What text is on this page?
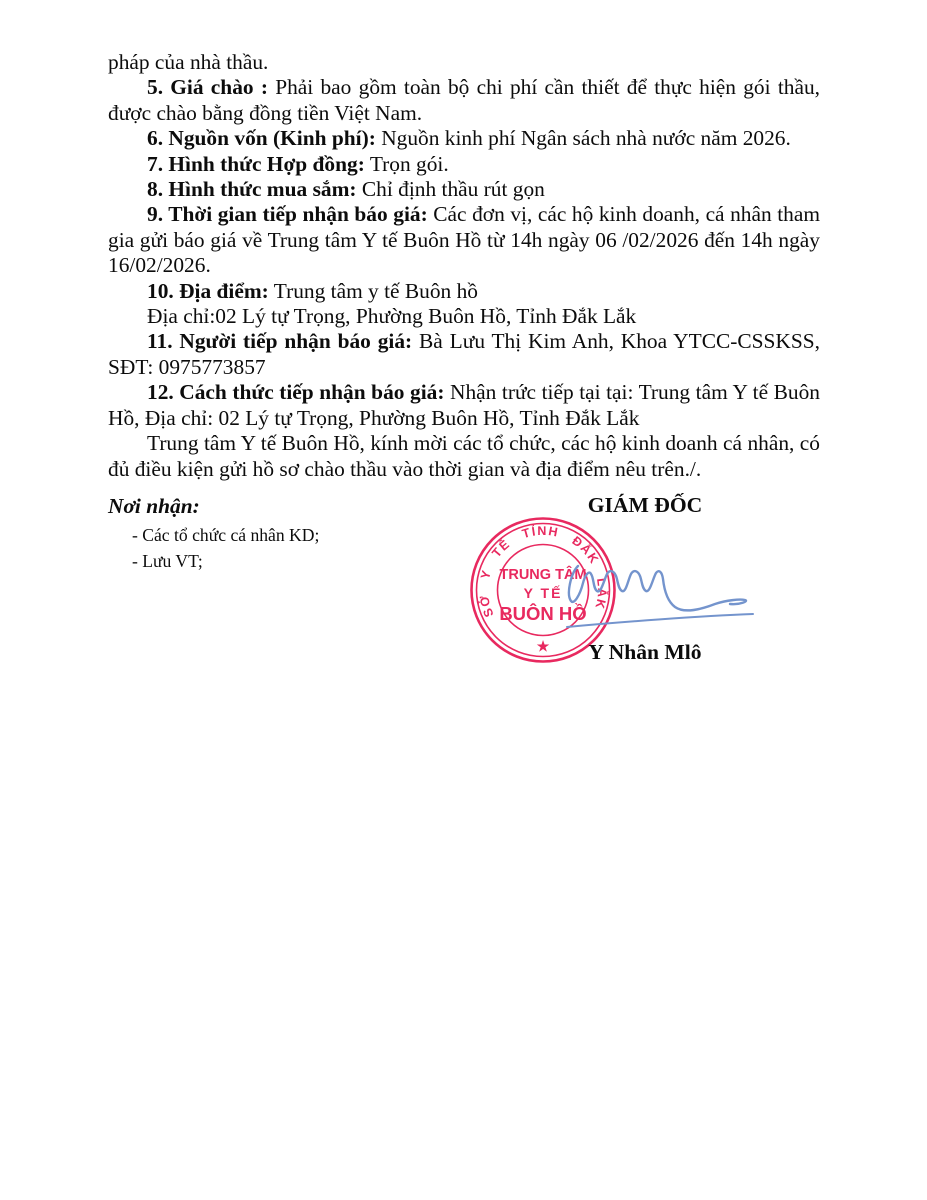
pháp của nhà thầu.

5. Giá chào : Phải bao gồm toàn bộ chi phí cần thiết để thực hiện gói thầu, được chào bằng đồng tiền Việt Nam.

6. Nguồn vốn (Kinh phí): Nguồn kinh phí Ngân sách nhà nước năm 2026.

7. Hình thức Hợp đồng: Trọn gói.

8. Hình thức mua sắm: Chỉ định thầu rút gọn

9. Thời gian tiếp nhận báo giá: Các đơn vị, các hộ kinh doanh, cá nhân tham gia gửi báo giá về Trung tâm Y tế Buôn Hồ từ 14h ngày 06 /02/2026 đến 14h ngày 16/02/2026.

10. Địa điểm: Trung tâm y tế Buôn hồ

Địa chỉ:02 Lý tự Trọng, Phường Buôn Hồ, Tỉnh Đắk Lắk

11. Người tiếp nhận báo giá: Bà Lưu Thị Kim Anh, Khoa YTCC-CSSKSS, SĐT: 0975773857

12. Cách thức tiếp nhận báo giá: Nhận trức tiếp tại tại: Trung tâm Y tế Buôn Hồ, Địa chỉ: 02 Lý tự Trọng, Phường Buôn Hồ, Tỉnh Đắk Lắk

Trung tâm Y tế Buôn Hồ, kính mời các tổ chức, các hộ kinh doanh cá nhân, có đủ điều kiện gửi hồ sơ chào thầu vào thời gian và địa điểm nêu trên./.

Nơi nhận:
- Các tổ chức cá nhân KD;
- Lưu VT;
GIÁM ĐỐC
SỞ Y TẾ TỈNH ĐẮK LẮK
TRUNG TÂM
Y TẾ
BUÔN HỒ
★	Y Nhân Mlô
